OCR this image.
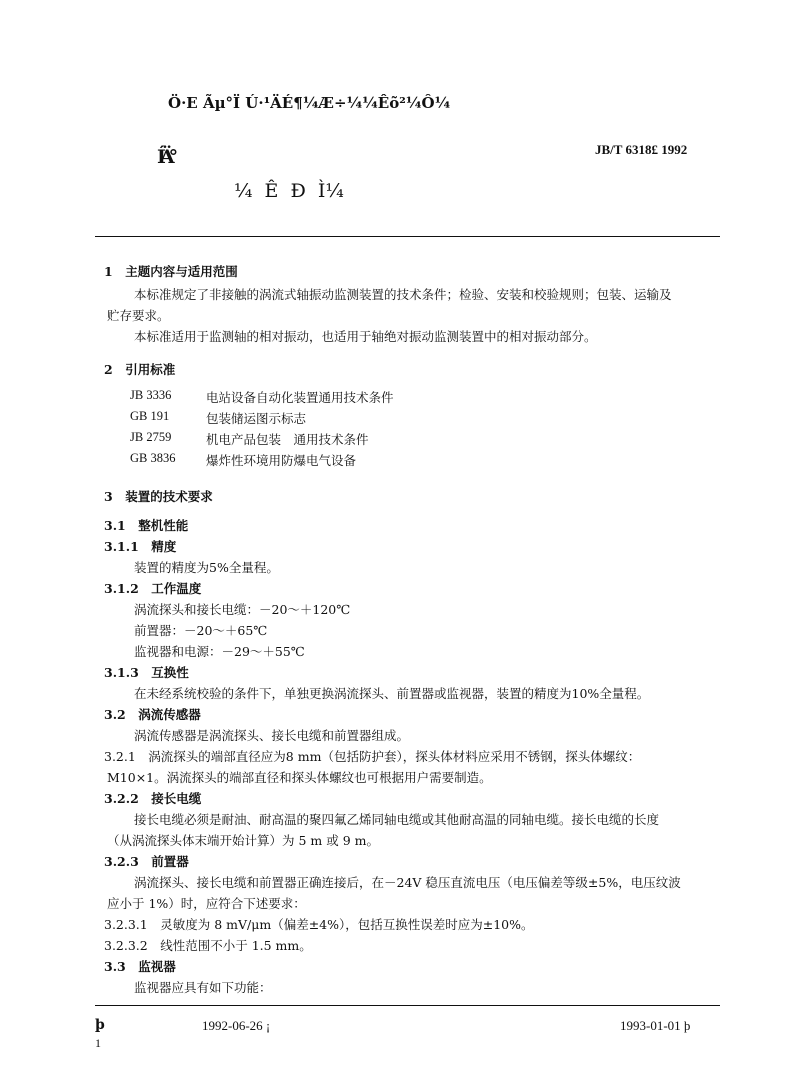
Ö·E Ãµ°Ï Ú·¹ÄÉ¶¼Æ÷¼¼Êõ²¼Ô¼
ÍÄ°	JB/T 6318£ 1992
¼  Ê  Ð  Ì¼
1　主题内容与适用范围
本标准规定了非接触的涡流式轴振动监测装置的技术条件；检验、安装和校验规则；包装、运输及
贮存要求。
本标准适用于监测轴的相对振动，也适用于轴绝对振动监测装置中的相对振动部分。
2　引用标准
JB 3336	电站设备自动化装置通用技术条件
GB 191	包装储运图示标志
JB 2759	机电产品包装　通用技术条件
GB 3836 爆炸性环境用防爆电气设备
3　装置的技术要求
3.1　整机性能
3.1.1　精度
装置的精度为5%全量程。
3.1.2　工作温度
涡流探头和接长电缆：－20～＋120℃
前置器：－20～＋65℃
监视器和电源：－29～＋55℃
3.1.3　互换性
在未经系统校验的条件下，单独更换涡流探头、前置器或监视器，装置的精度为10%全量程。
3.2　涡流传感器
涡流传感器是涡流探头、接长电缆和前置器组成。
3.2.1　涡流探头的端部直径应为8 mm（包括防护套），探头体材料应采用不锈钢，探头体螺纹：
M10×1。涡流探头的端部直径和探头体螺纹也可根据用户需要制造。
3.2.2　接长电缆
接长电缆必须是耐油、耐高温的聚四氟乙烯同轴电缆或其他耐高温的同轴电缆。接长电缆的长度
（从涡流探头体末端开始计算）为 5 m 或 9 m。
3.2.3　前置器
涡流探头、接长电缆和前置器正确连接后，在－24V 稳压直流电压（电压偏差等级±5%，电压纹波
应小于 1%）时，应符合下述要求：
3.2.3.1　灵敏度为 8 mV/μm（偏差±4%），包括互换性误差时应为±10%。
3.2.3.2　线性范围不小于 1.5 mm。
3.3　监视器
监视器应具有如下功能：
þ	1992-06-26 ¡	1993-01-01 þ
1
